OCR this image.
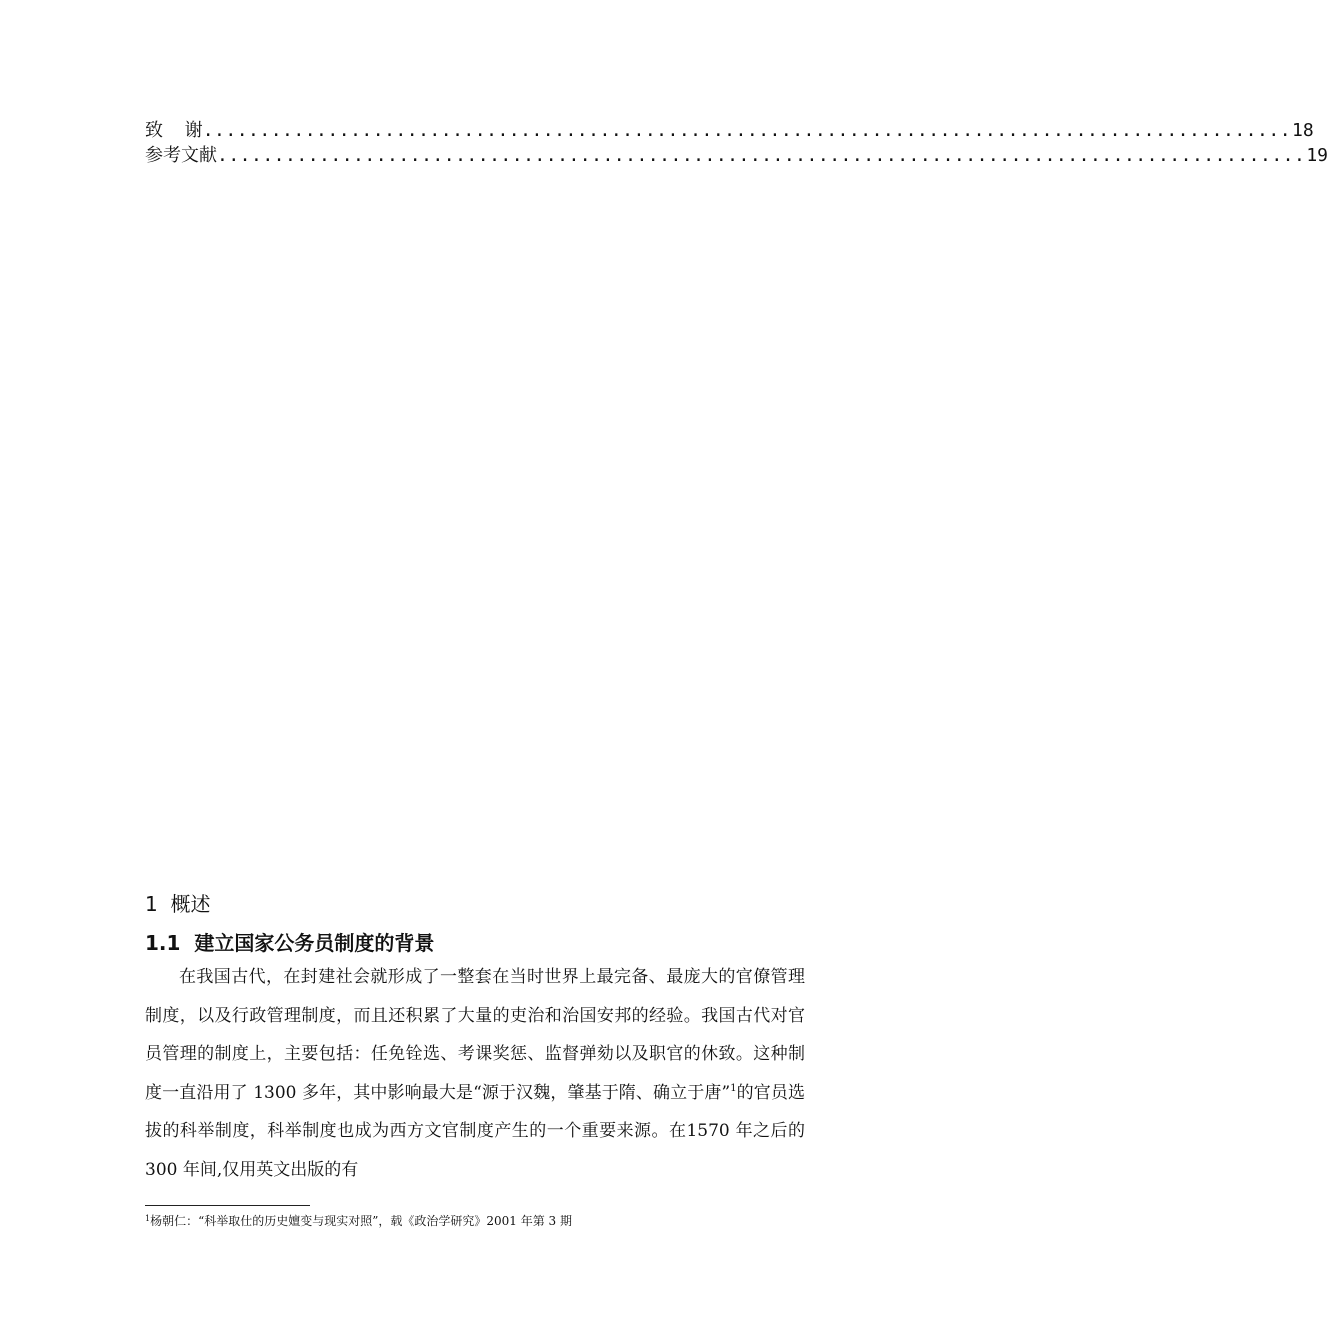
致  谢 ................................................................................................ 18
参考文献 ................................................................................................ 19
1  概述
1.1  建立国家公务员制度的背景

在我国古代，在封建社会就形成了一整套在当时世界上最完备、最庞大的官僚管理制度，以及行政管理制度，而且还积累了大量的吏治和治国安邦的经验。我国古代对官员管理的制度上，主要包括：任免铨选、考课奖惩、监督弹劾以及职官的休致。这种制度一直沿用了 1300 多年，其中影响最大是“源于汉魏，肇基于隋、确立于唐”$^1$的官员选拔的科举制度，科举制度也成为西方文官制度产生的一个重要来源。在1570 年之后的 300 年间,仅用英文出版的有

$^1$杨朝仁：“科举取仕的历史嬗变与现实对照”，载《政治学研究》2001 年第 3 期
